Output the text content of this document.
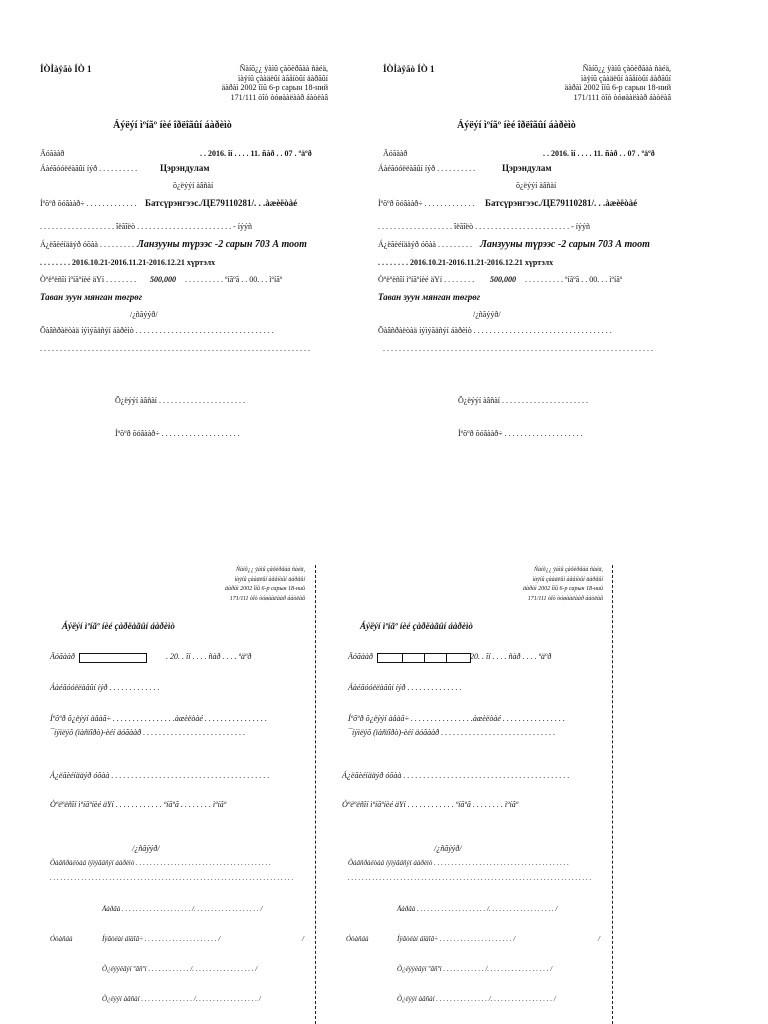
ÍÒÌàÿãò ÍÒ 1	Ñàíõ¿¿ ÿàìû çàõèðãàà ñàéä,
ìàÿíû çààäëûí àãåíòûí äàðãûí
äàðàì 2002 îíû 6-р сарын 18-ний
171/111 òîò òóøààëààð áàòëàâ
Áýëýí ìºíãº íèé îðëîãûí áàðèìò
Äóãààð	. . 2016. îí . . . . 11. ñàð . . 07 . ºäºð
Áàéãóóëëàãûí íýð . . . . . . . . . .	Цэрэндулам
õ¿ëýýí àâñàí
Íºõºð õóâààð÷ . . . . . . . . . . . . . Батсүрэнгээс./ЦЕ79110281/. . .àæèëòàé
. . . . . . . . . . . . . . . . . . . îëãîëò . . . . . . . . . . . . . . . . . . . . . . . . - íýýñ
Á¿ëãèéíääýð óõàà . . . . . . . . . Ланзууны түрээс -2 сарын 703 А тоот
. . . . . . . . 2016.10.21-2016.11.21-2016.12.21 хүртэлх
Òºëºëñîí ìºíãºíèé äҮí . . . . . . . . 500,000 . . . . . . . . . . ºíãºã . . 00. . . ìºíãº
Таван зуун мянган төгрөг
/¿ñãýýð/
Õàâñðàëòàä íýìýãäñýí áàðèìò . . . . . . . . . . . . . . . . . . . . . . . . . . . . . . . . . . .
. . . . . . . . . . . . . . . . . . . . . . . . . . . . . . . . . . . . . . . . . . . . . . . . . . . . . . . . . . . . . . . . . . . .
Õ¿ëýýí àâñàí . . . . . . . . . . . . . . . . . . . . . .
Íºõºð õóâààð÷ . . . . . . . . . . . . . . . . . . . .
ÍÒÌàÿãò ÍÒ 1	Ñàíõ¿¿ ÿàìû çàõèðãàà ñàéä,
ìàÿíû çààäëûí àãåíòûí äàðãûí
äàðàì 2002 îíû 6-р сарын 18-ний
171/111 òîò òóøààëààð áàòëàâ
Áýëýí ìºíãº íèé îðëîãûí áàðèìò
Äóãààð	. . 2016. îí . . . . 11. ñàð . . 07 . ºäºð
Áàéãóóëëàãûí íýð . . . . . . . . . .	Цэрэндулам
õ¿ëýýí àâñàí
Íºõºð õóâààð÷ . . . . . . . . . . . . . Батсүрэнгээс./ЦЕ79110281/. . .àæèëòàé
. . . . . . . . . . . . . . . . . . . îëãîëò . . . . . . . . . . . . . . . . . . . . . . . . - íýýñ
Á¿ëãèéíääýð óõàà . . . . . . . . . Ланзууны түрээс -2 сарын 703 А тоот
. . . . . . . . 2016.10.21-2016.11.21-2016.12.21 хүртэлх
Òºëºëñîí ìºíãºíèé äҮí . . . . . . . . 500,000 . . . . . . . . . . ºíãºã . . 00. . . ìºíãº
Таван зуун мянган төгрөг
/¿ñãýýð/
Õàâñðàëòàä íýìýãäñýí áàðèìò . . . . . . . . . . . . . . . . . . . . . . . . . . . . . . . . . . .
. . . . . . . . . . . . . . . . . . . . . . . . . . . . . . . . . . . . . . . . . . . . . . . . . . . . . . . . . . . . . . . . . . . .
Õ¿ëýýí àâñàí . . . . . . . . . . . . . . . . . . . . . .
Íºõºð õóâààð÷ . . . . . . . . . . . . . . . . . . . .
Ñàíõ¿¿ ÿàìû çàõèðãàà ñàéä,
ìàÿíû çààäëûí àãåíòûí äàðãûí
äàðàì 2002 îíû 6-р сарын 18-ний
171/111 òîò òóøààëààð áàòëàâ
Áýëýí ìºíãº íèé çàðëàãûí áàðèìò
Äóãààð	. 20. . îí . . . . ñàð . . . . ºäºð
Áàéãóóëëàãûí íýð . . . . . . . . . . . . .
Íºõºð õ¿ëýýí àâàã÷ . . . . . . . . . . . . . . . .àæèëòàé . . . . . . . . . . . . . . . .
¯íýìëýõ (ïàñïîðò)-èéí äóãààð . . . . . . . . . . . . . . . . . . . . . . . . . .
Á¿ëãèéíääýð óõàà . . . . . . . . . . . . . . . . . . . . . . . . . . . . . . . . . . . . . . . .
Òºëºëñîí ìºíãºíèé äҮí . . . . . . . . . . . . ºíãºã . . . . . . . . ìºíãº
/¿ñãýýð/
Õàâñðàëòàä íýìýãäñýí áàðèìò . . . . . . . . . . . . . . . . . . . . . . . . . . . . . . . . . . . . . . .
. . . . . . . . . . . . . . . . . . . . . . . . . . . . . . . . . . . . . . . . . . . . . . . . . . . . . . . . . . . . . . . . . . . . . .
Äàðãà . . . . . . . . . . . . . . . . . . . . /. . . . . . . . . . . . . . . . . . . /
Óòàñäà	Íÿãòëàí áîäîã÷ . . . . . . . . . . . . . . . . . . . . . /	/
Õ¿ëýýëãýí ºãñºí . . . . . . . . . . . . /. . . . . . . . . . . . . . . . . . /
Õ¿ëýýí àâñàí . . . . . . . . . . . . . . . /. . . . . . . . . . . . . . . . . . /
Ñàíõ¿¿ ÿàìû çàõèðãàà ñàéä,
ìàÿíû çààäëûí àãåíòûí äàðãûí
äàðàì 2002 îíû 6-р сарын 18-ний
171/111 òîò òóøààëààð áàòëàâ
Áýëýí ìºíãº íèé çàðëàãûí áàðèìò
Äóãààð	20. . îí . . . . ñàð . . . . ºäºð
Áàéãóóëëàãûí íýð . . . . . . . . . . . . . .
Íºõºð õ¿ëýýí àâàã÷ . . . . . . . . . . . . . . . .àæèëòàé . . . . . . . . . . . . . . . .
¯íýìëýõ (ïàñïîðò)-èéí äóãààð . . . . . . . . . . . . . . . . . . . . . . . . . . . . .
Á¿ëãèéíääýð óõàà . . . . . . . . . . . . . . . . . . . . . . . . . . . . . . . . . . . . . . . . . .
Òºëºëñîí ìºíãºíèé äҮí . . . . . . . . . . . . ºíãºã . . . . . . . . ìºíãº
/¿ñãýýð/
Õàâñðàëòàä íýìýãäñýí áàðèìò . . . . . . . . . . . . . . . . . . . . . . . . . . . . . . . . . . . . . . .
. . . . . . . . . . . . . . . . . . . . . . . . . . . . . . . . . . . . . . . . . . . . . . . . . . . . . . . . . . . . . . . . . . . . . .
Äàðãà . . . . . . . . . . . . . . . . . . . . /. . . . . . . . . . . . . . . . . . . /
Óòàñäà	Íÿãòëàí áîäîã÷ . . . . . . . . . . . . . . . . . . . . . /	/
Õ¿ëýýëãýí ºãñºí . . . . . . . . . . . . /. . . . . . . . . . . . . . . . . . /
Õ¿ëýýí àâñàí . . . . . . . . . . . . . . . /. . . . . . . . . . . . . . . . . . /
